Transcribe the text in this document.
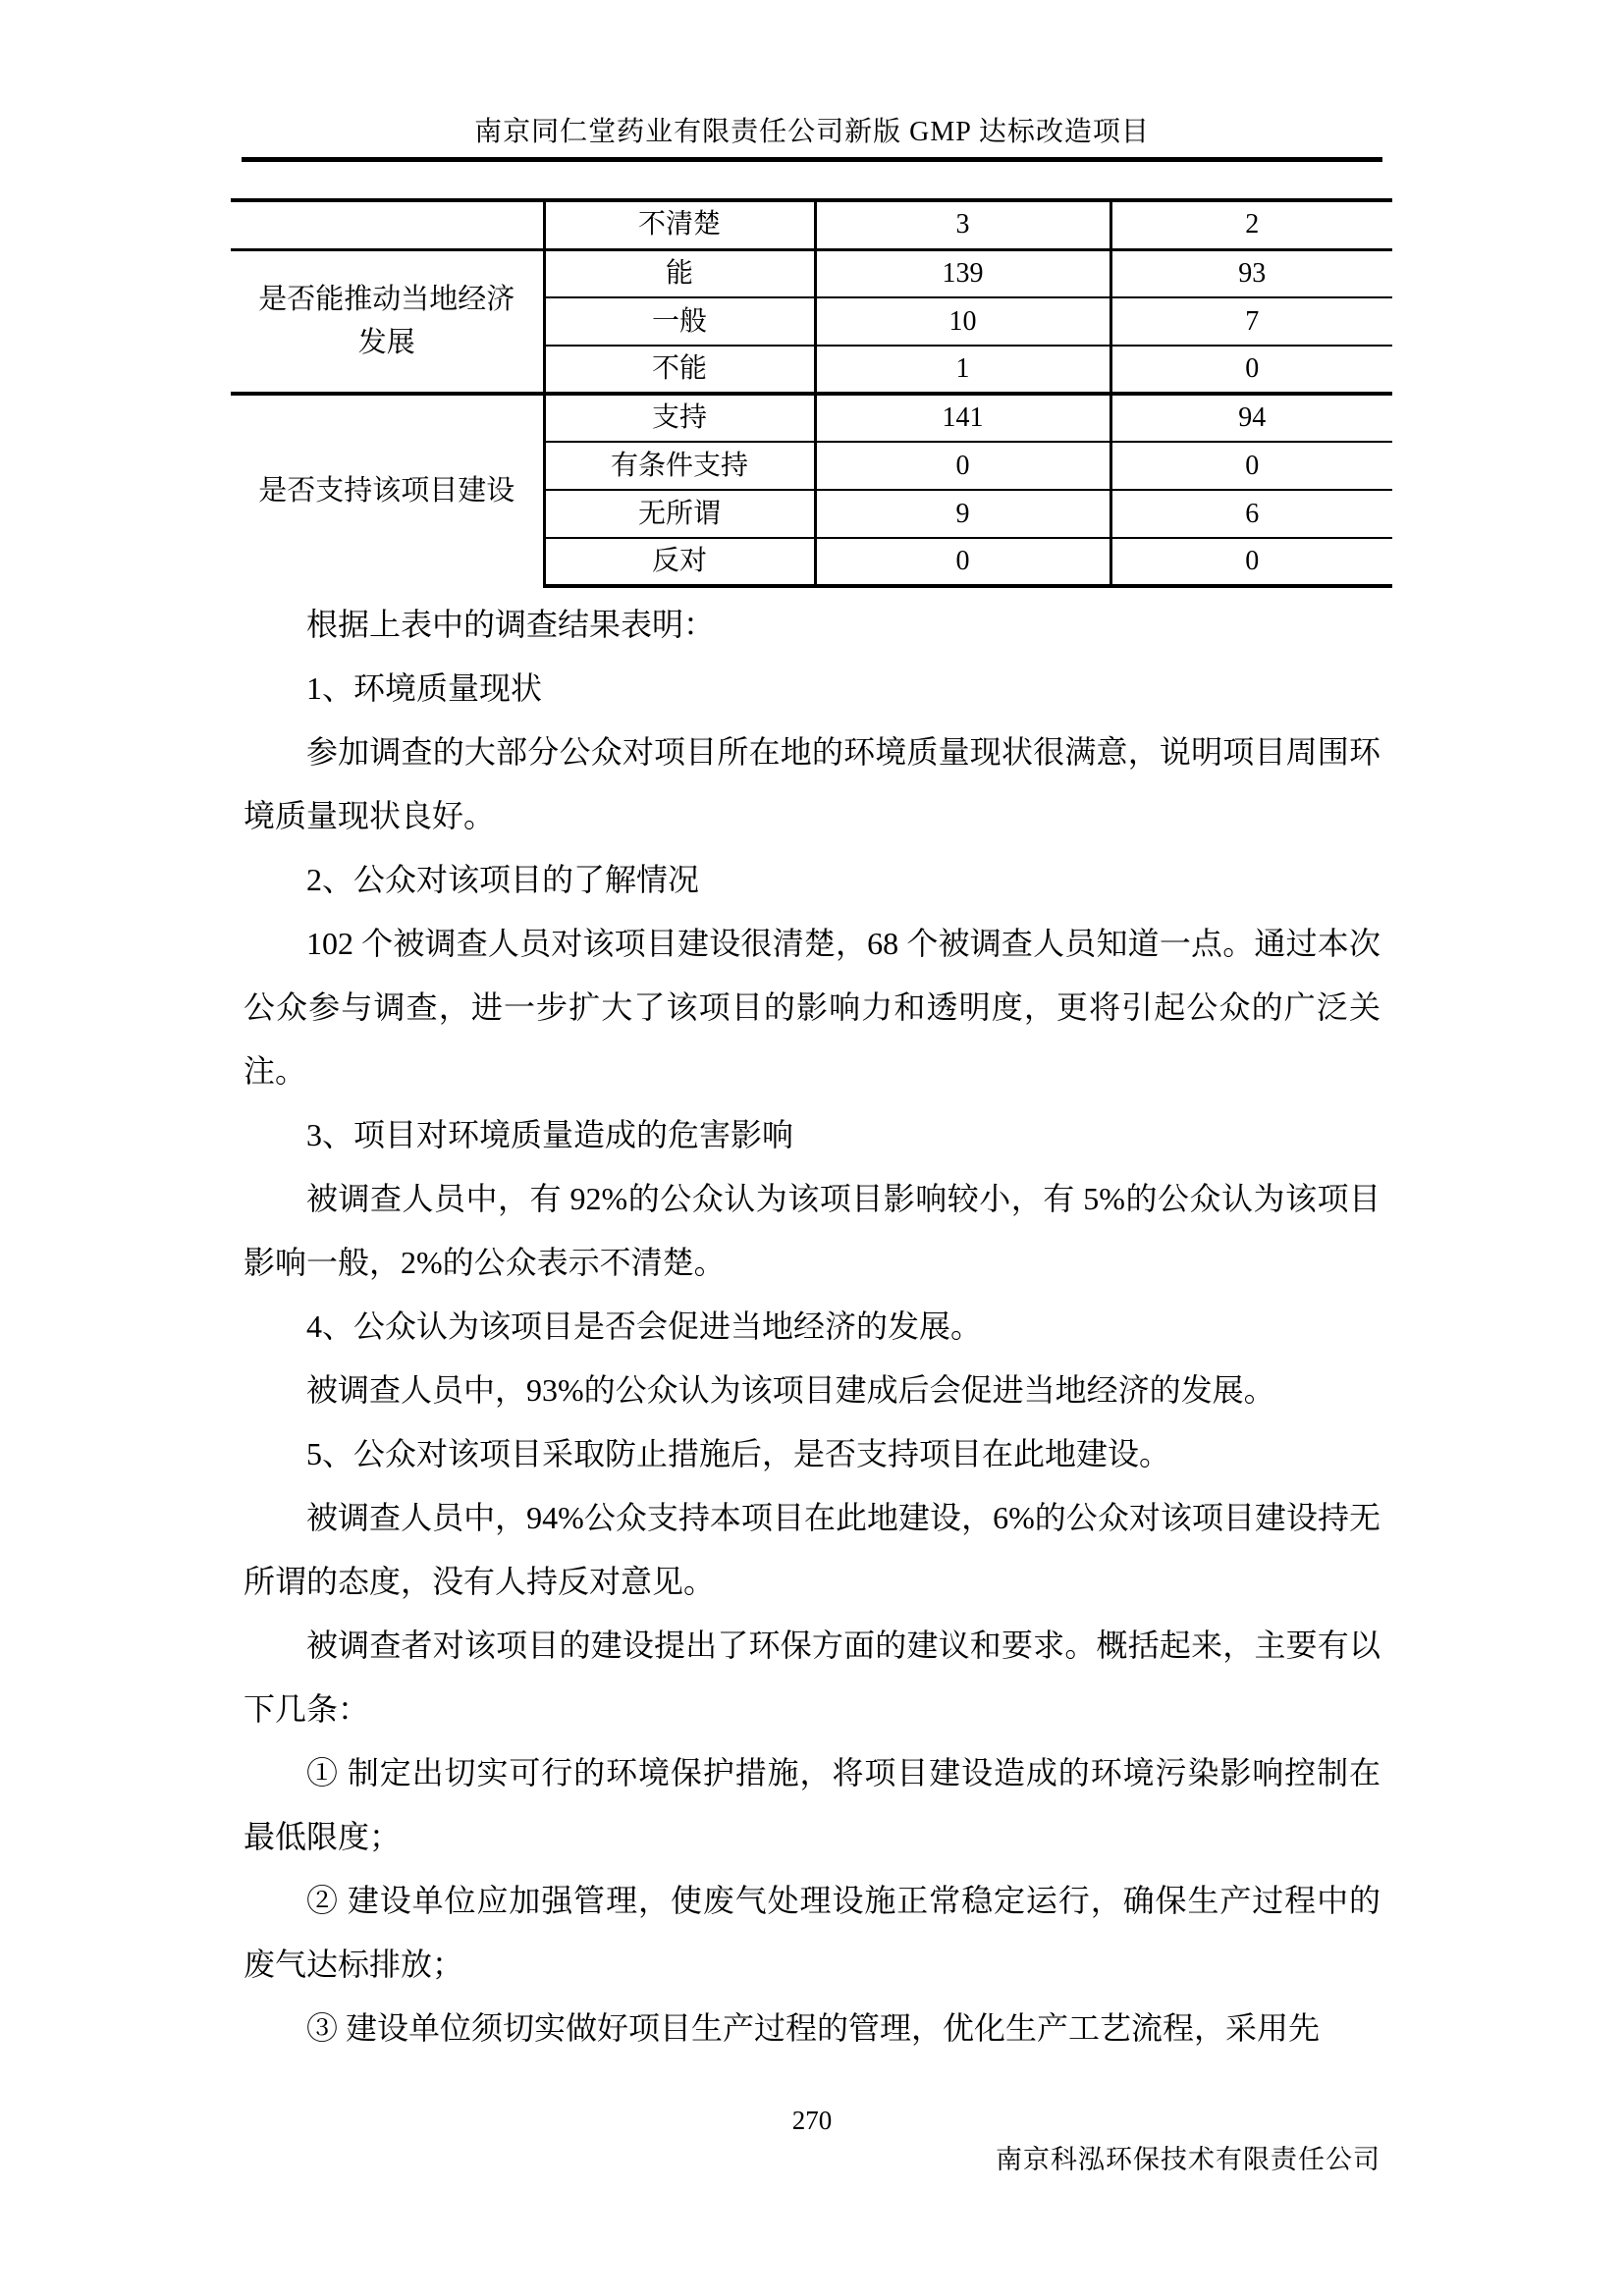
南京同仁堂药业有限责任公司新版 GMP 达标改造项目
	不清楚	3	2

是否能推动当地经济发展	能	139	93
	一般	10	7
	不能	1	0

是否支持该项目建设	支持	141	94
	有条件支持	0	0
	无所谓	9	6
	反对	0	0

根据上表中的调查结果表明：

1、环境质量现状

参加调查的大部分公众对项目所在地的环境质量现状很满意，说明项目周围环境质量现状良好。

2、公众对该项目的了解情况

102 个被调查人员对该项目建设很清楚，68 个被调查人员知道一点。通过本次公众参与调查，进一步扩大了该项目的影响力和透明度，更将引起公众的广泛关注。

3、项目对环境质量造成的危害影响

被调查人员中，有 92%的公众认为该项目影响较小，有 5%的公众认为该项目影响一般，2%的公众表示不清楚。

4、公众认为该项目是否会促进当地经济的发展。

被调查人员中，93%的公众认为该项目建成后会促进当地经济的发展。

5、公众对该项目采取防止措施后，是否支持项目在此地建设。

被调查人员中，94%公众支持本项目在此地建设，6%的公众对该项目建设持无所谓的态度，没有人持反对意见。

被调查者对该项目的建设提出了环保方面的建议和要求。概括起来，主要有以下几条：

① 制定出切实可行的环境保护措施，将项目建设造成的环境污染影响控制在最低限度；

② 建设单位应加强管理，使废气处理设施正常稳定运行，确保生产过程中的废气达标排放；

③ 建设单位须切实做好项目生产过程的管理，优化生产工艺流程，采用先

270
南京科泓环保技术有限责任公司
